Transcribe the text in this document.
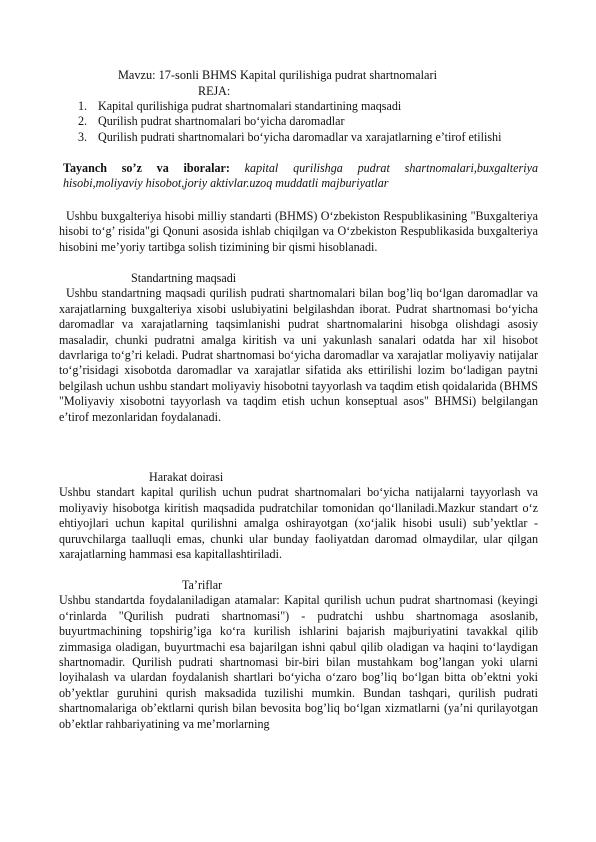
Mavzu: 17-sonli BHMS Kapital qurilishiga pudrat shartnomalari
REJA:
1. Kapital qurilishiga pudrat shartnomalari standartining maqsadi
2. Qurilish pudrat shartnomalari bo‘yicha daromadlar
3. Qurilish pudrati shartnomalari bo‘yicha daromadlar va xarajatlarning e’tirof etilishi
Tayanch so’z va iboralar: kapital qurilishga pudrat shartnomalari,buxgalteriya hisobi,moliyaviy hisobot,joriy aktivlar.uzoq muddatli majburiyatlar

Ushbu buxgalteriya hisobi milliy standarti (BHMS) O‘zbekiston Respublikasining "Buxgalteriya hisobi to‘g’ risida"gi Qonuni asosida ishlab chiqilgan va O‘zbekiston Respublikasida buxgalteriya hisobini me’yoriy tartibga solish tizimining bir qismi hisoblanadi.

Standartning maqsadi

Ushbu standartning maqsadi qurilish pudrati shartnomalari bilan bog’liq bo‘lgan daromadlar va xarajatlarning buxgalteriya xisobi uslubiyatini belgilashdan iborat. Pudrat shartnomasi bo‘yicha daromadlar va xarajatlarning taqsimlanishi pudrat shartnomalarini hisobga olishdagi asosiy masaladir, chunki pudratni amalga kiritish va uni yakunlash sanalari odatda har xil hisobot davrlariga to‘g’ri keladi. Pudrat shartnomasi bo‘yicha daromadlar va xarajatlar moliyaviy natijalar to‘g’risidagi xisobotda daromadlar va xarajatlar sifatida aks ettirilishi lozim bo‘ladigan paytni belgilash uchun ushbu standart moliyaviy hisobotni tayyorlash va taqdim etish qoidalarida (BHMS "Moliyaviy xisobotni tayyorlash va taqdim etish uchun konseptual asos" BHMSi) belgilangan e’tirof mezonlaridan foydalanadi.

Harakat doirasi

Ushbu standart kapital qurilish uchun pudrat shartnomalari bo‘yicha natijalarni tayyorlash va moliyaviy hisobotga kiritish maqsadida pudratchilar tomonidan qo‘llaniladi.Mazkur standart o‘z ehtiyojlari uchun kapital qurilishni amalga oshirayotgan (xo‘jalik hisobi usuli) sub’yektlar - quruvchilarga taalluqli emas, chunki ular bunday faoliyatdan daromad olmaydilar, ular qilgan xarajatlarning hammasi esa kapitallashtiriladi.

Ta’riflar

Ushbu standartda foydalaniladigan atamalar: Kapital qurilish uchun pudrat shartnomasi (keyingi o‘rinlarda "Qurilish pudrati shartnomasi") - pudratchi ushbu shartnomaga asoslanib, buyurtmachining topshirig’iga ko‘ra kurilish ishlarini bajarish majburiyatini tavakkal qilib zimmasiga oladigan, buyurtmachi esa bajarilgan ishni qabul qilib oladigan va haqini to‘laydigan shartnomadir. Qurilish pudrati shartnomasi bir-biri bilan mustahkam bog’langan yoki ularni loyihalash va ulardan foydalanish shartlari bo‘yicha o‘zaro bog’liq bo‘lgan bitta ob’ektni yoki ob’yektlar guruhini qurish maksadida tuzilishi mumkin. Bundan tashqari, qurilish pudrati shartnomalariga ob’ektlarni qurish bilan bevosita bog’liq bo‘lgan xizmatlarni (ya’ni qurilayotgan ob’ektlar rahbariyatining va me’morlarning
